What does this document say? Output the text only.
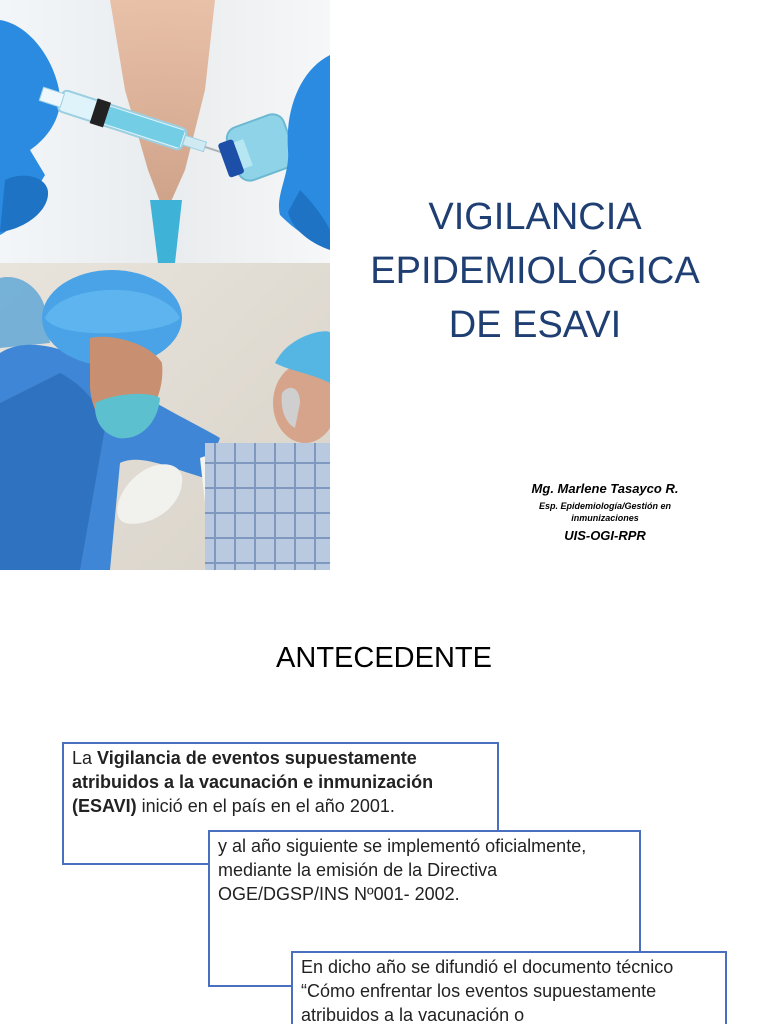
VIGILANCIA
EPIDEMIOLÓGICA
DE ESAVI
Mg. Marlene Tasayco R.
Esp. Epidemiología/Gestión en
inmunizaciones
UIS-OGI-RPR
ANTECEDENTE
La Vigilancia de eventos supuestamente atribuidos a la vacunación e inmunización (ESAVI) inició en el país en el año 2001.
y al año siguiente se implementó oficialmente, mediante la emisión de la Directiva OGE/DGSP/INS Nº001- 2002.
En dicho año se difundió el documento técnico “Cómo enfrentar los eventos supuestamente atribuidos a la vacunación o
